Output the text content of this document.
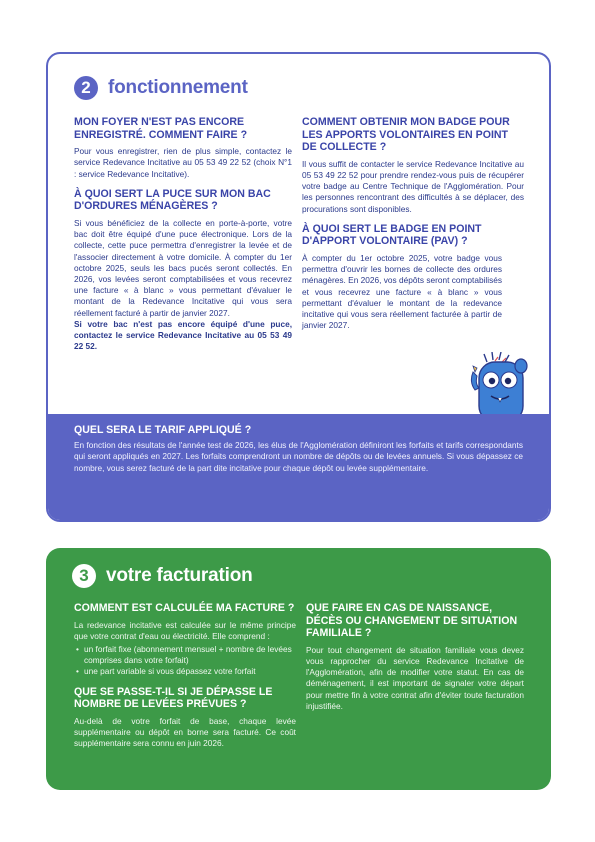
2 fonctionnement
MON FOYER N'EST PAS ENCORE ENREGISTRÉ. COMMENT FAIRE ?
Pour vous enregistrer, rien de plus simple, contactez le service Redevance Incitative au 05 53 49 22 52 (choix N°1 : service Redevance Incitative).
À QUOI SERT LA PUCE SUR MON BAC D'ORDURES MÉNAGÈRES ?
Si vous bénéficiez de la collecte en porte-à-porte, votre bac doit être équipé d'une puce électronique. Lors de la collecte, cette puce permettra d'enregistrer la levée et de l'associer directement à votre domicile. À compter du 1er octobre 2025, seuls les bacs pucés seront collectés. En 2026, vos levées seront comptabilisées et vous recevrez une facture « à blanc » vous permettant d'évaluer le montant de la Redevance Incitative qui vous sera réellement facturé à partir de janvier 2027.
Si votre bac n'est pas encore équipé d'une puce, contactez le service Redevance Incitative au 05 53 49 22 52.
COMMENT OBTENIR MON BADGE POUR LES APPORTS VOLONTAIRES EN POINT DE COLLECTE ?
Il vous suffit de contacter le service Redevance Incitative au 05 53 49 22 52 pour prendre rendez-vous puis de récupérer votre badge au Centre Technique de l'Agglomération. Pour les personnes rencontrant des difficultés à se déplacer, des procurations sont disponibles.
À QUOI SERT LE BADGE EN POINT D'APPORT VOLONTAIRE (PAV) ?
À compter du 1er octobre 2025, votre badge vous permettra d'ouvrir les bornes de collecte des ordures ménagères. En 2026, vos dépôts seront comptabilisés et vous recevrez une facture « à blanc » vous permettant d'évaluer le montant de la redevance incitative qui vous sera réellement facturée à partir de janvier 2027.
QUEL SERA LE TARIF APPLIQUÉ ?
En fonction des résultats de l'année test de 2026, les élus de l'Agglomération définiront les forfaits et tarifs correspondants qui seront appliqués en 2027. Les forfaits comprendront un nombre de dépôts ou de levées annuels. Si vous dépassez ce nombre, vous serez facturé de la part dite incitative pour chaque dépôt ou levée supplémentaire.
3 votre facturation
COMMENT EST CALCULÉE MA FACTURE ?
La redevance incitative est calculée sur le même principe que votre contrat d'eau ou électricité. Elle comprend :
• un forfait fixe (abonnement mensuel + nombre de levées comprises dans votre forfait)
• une part variable si vous dépassez votre forfait
QUE SE PASSE-T-IL SI JE DÉPASSE LE NOMBRE DE LEVÉES PRÉVUES ?
Au-delà de votre forfait de base, chaque levée supplémentaire ou dépôt en borne sera facturé. Ce coût supplémentaire sera connu en juin 2026.
QUE FAIRE EN CAS DE NAISSANCE, DÉCÈS OU CHANGEMENT DE SITUATION FAMILIALE ?
Pour tout changement de situation familiale vous devez vous rapprocher du service Redevance Incitative de l'Agglomération, afin de modifier votre statut. En cas de déménagement, il est important de signaler votre départ pour mettre fin à votre contrat afin d'éviter toute facturation injustifiée.
